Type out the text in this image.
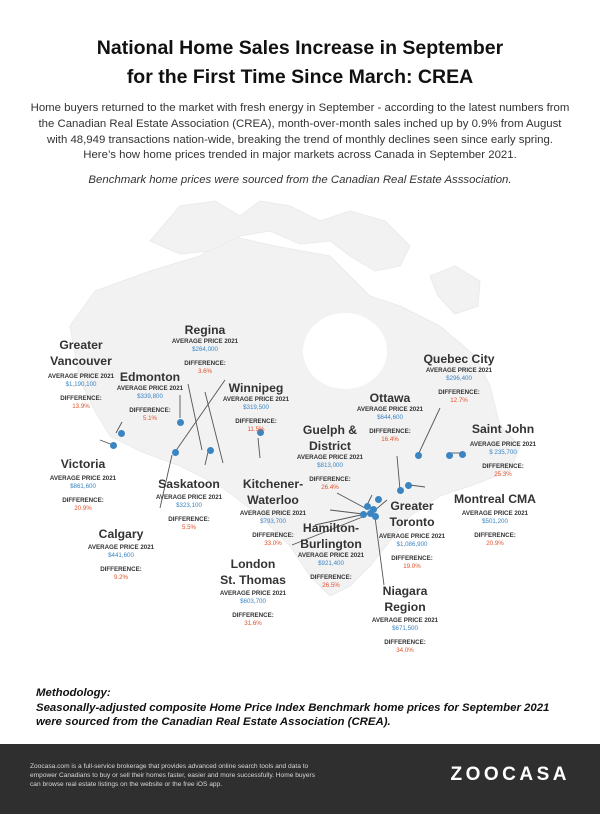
National Home Sales Increase in September
for the First Time Since March: CREA
Home buyers returned to the market with fresh energy in September - according to the latest numbers from the Canadian Real Estate Association (CREA), month-over-month sales inched up by 0.9% from August with 48,949 transactions nation-wide, breaking the trend of monthly declines seen since early spring. Here’s how home prices trended in major markets across Canada in September 2021.
Benchmark home prices were sourced from the Canadian Real Estate Asssociation.
Regina
AVERAGE PRICE 2021
$264,000
DIFFERENCE:
3.6%
Greater
Vancouver
AVERAGE PRICE 2021
$1,190,100
DIFFERENCE:
13.9%
Edmonton
AVERAGE PRICE 2021
$339,800
DIFFERENCE:
5.1%
Winnipeg
AVERAGE PRICE 2021
$319,500
DIFFERENCE:
11.5%
Quebec City
AVERAGE PRICE 2021
$296,400
DIFFERENCE:
12.7%
Ottawa
AVERAGE PRICE 2021
$644,600
DIFFERENCE:
16.4%
Saint John
AVERAGE PRICE 2021
$ 235,700
DIFFERENCE:
25.3%
Guelph &
District
AVERAGE PRICE 2021
$813,000
DIFFERENCE:
26.4%
Victoria
AVERAGE PRICE 2021
$861,600
DIFFERENCE:
20.9%
Saskatoon
AVERAGE PRICE 2021
$323,100
DIFFERENCE:
5.5%
Kitchener-
Waterloo
AVERAGE PRICE 2021
$793,700
DIFFERENCE:
33.0%
Greater
Toronto
AVERAGE PRICE 2021
$1,086,900
DIFFERENCE:
19.0%
Montreal CMA
AVERAGE PRICE 2021
$501,200
DIFFERENCE:
20.9%
Calgary
AVERAGE PRICE 2021
$441,600
DIFFERENCE:
9.2%
Hamilton-
Burlington
AVERAGE PRICE 2021
$921,400
DIFFERENCE:
26.5%
London
St. Thomas
AVERAGE PRICE 2021
$603,700
DIFFERENCE:
31.6%
Niagara
Region
AVERAGE PRICE 2021
$671,500
DIFFERENCE:
34.0%
Methodology:
Seasonally-adjusted composite Home Price Index Benchmark home prices for September 2021 were sourced from the Canadian Real Estate Association (CREA).
Zoocasa.com is a full-service brokerage that provides advanced online search tools and data to empower Canadians to buy or sell their homes faster, easier and more successfully. Home buyers can browse real estate listings on the website or the free iOS app.	ZOOCASA
